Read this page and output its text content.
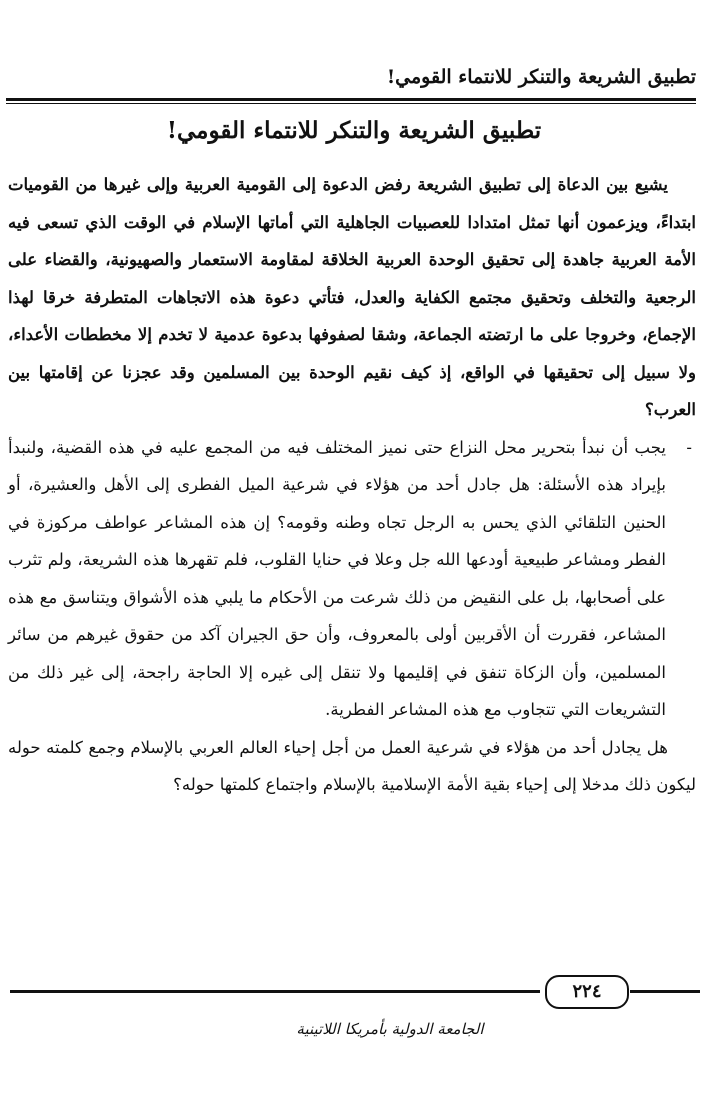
تطبيق الشريعة والتنكر للانتماء القومي!
تطبيق الشريعة والتنكر للانتماء القومي!

يشيع بين الدعاة إلى تطبيق الشريعة رفض الدعوة إلى القومية العربية وإلى غيرها من القوميات ابتداءً، ويزعمون أنها تمثل امتدادا للعصبيات الجاهلية التي أماتها الإسلام في الوقت الذي تسعى فيه الأمة العربية جاهدة إلى تحقيق الوحدة العربية الخلاقة لمقاومة الاستعمار والصهيونية، والقضاء على الرجعية والتخلف وتحقيق مجتمع الكفاية والعدل، فتأتي دعوة هذه الاتجاهات المتطرفة خرقا لهذا الإجماع، وخروجا على ما ارتضته الجماعة، وشقا لصفوفها بدعوة عدمية لا تخدم إلا مخططات الأعداء، ولا سبيل إلى تحقيقها في الواقع، إذ كيف نقيم الوحدة بين المسلمين وقد عجزنا عن إقامتها بين العرب؟

-
يجب أن نبدأ بتحرير محل النزاع حتى نميز المختلف فيه من المجمع عليه في هذه القضية، ولنبدأ بإيراد هذه الأسئلة: هل جادل أحد من هؤلاء في شرعية الميل الفطرى إلى الأهل والعشيرة، أو الحنين التلقائي الذي يحس به الرجل تجاه وطنه وقومه؟ إن هذه المشاعر عواطف مركوزة في الفطر ومشاعر طبيعية أودعها الله جل وعلا في حنايا القلوب، فلم تقهرها هذه الشريعة، ولم تثرب على أصحابها، بل على النقيض من ذلك شرعت من الأحكام ما يلبي هذه الأشواق ويتناسق مع هذه المشاعر، فقررت أن الأقربين أولى بالمعروف، وأن حق الجيران آكد من حقوق غيرهم من سائر المسلمين، وأن الزكاة تنفق في إقليمها ولا تنقل إلى غيره إلا الحاجة راجحة، إلى غير ذلك من التشريعات التي تتجاوب مع هذه المشاعر الفطرية.

هل يجادل أحد من هؤلاء في شرعية العمل من أجل إحياء العالم العربي بالإسلام وجمع كلمته حوله ليكون ذلك مدخلا إلى إحياء بقية الأمة الإسلامية بالإسلام واجتماع كلمتها حوله؟

٢٢٤
الجامعة الدولية بأمريكا اللاتينية
